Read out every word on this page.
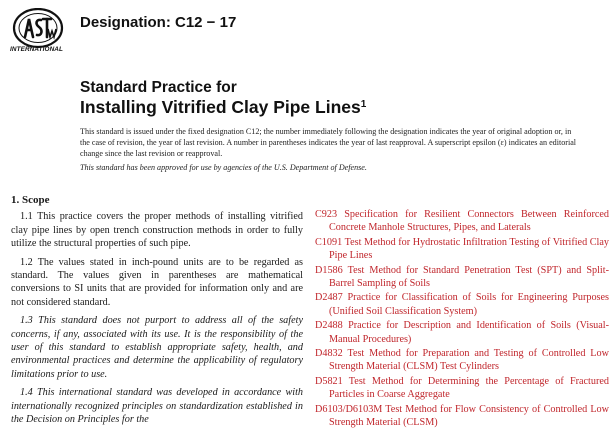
INTERNATIONAL
Designation: C12 − 17
Standard Practice for
Installing Vitrified Clay Pipe Lines$^1$
This standard is issued under the fixed designation C12; the number immediately following the designation indicates the year of original adoption or, in the case of revision, the year of last revision. A number in parentheses indicates the year of last reapproval. A superscript epsilon (ε) indicates an editorial change since the last revision or reapproval.
This standard has been approved for use by agencies of the U.S. Department of Defense.
1. Scope

1.1 This practice covers the proper methods of installing vitrified clay pipe lines by open trench construction methods in order to fully utilize the structural properties of such pipe.

1.2 The values stated in inch-pound units are to be regarded as standard. The values given in parentheses are mathematical conversions to SI units that are provided for information only and are not considered standard.

1.3 This standard does not purport to address all of the safety concerns, if any, associated with its use. It is the responsibility of the user of this standard to establish appropriate safety, health, and environmental practices and determine the applicability of regulatory limitations prior to use.

1.4 This international standard was developed in accordance with internationally recognized principles on standardization established in the Decision on Principles for the

C923 Specification for Resilient Connectors Between Reinforced Concrete Manhole Structures, Pipes, and Laterals
C1091 Test Method for Hydrostatic Infiltration Testing of Vitrified Clay Pipe Lines
D1586 Test Method for Standard Penetration Test (SPT) and Split-Barrel Sampling of Soils
D2487 Practice for Classification of Soils for Engineering Purposes (Unified Soil Classification System)
D2488 Practice for Description and Identification of Soils (Visual-Manual Procedures)
D4832 Test Method for Preparation and Testing of Controlled Low Strength Material (CLSM) Test Cylinders
D5821 Test Method for Determining the Percentage of Fractured Particles in Coarse Aggregate
D6103/D6103M Test Method for Flow Consistency of Controlled Low Strength Material (CLSM)
